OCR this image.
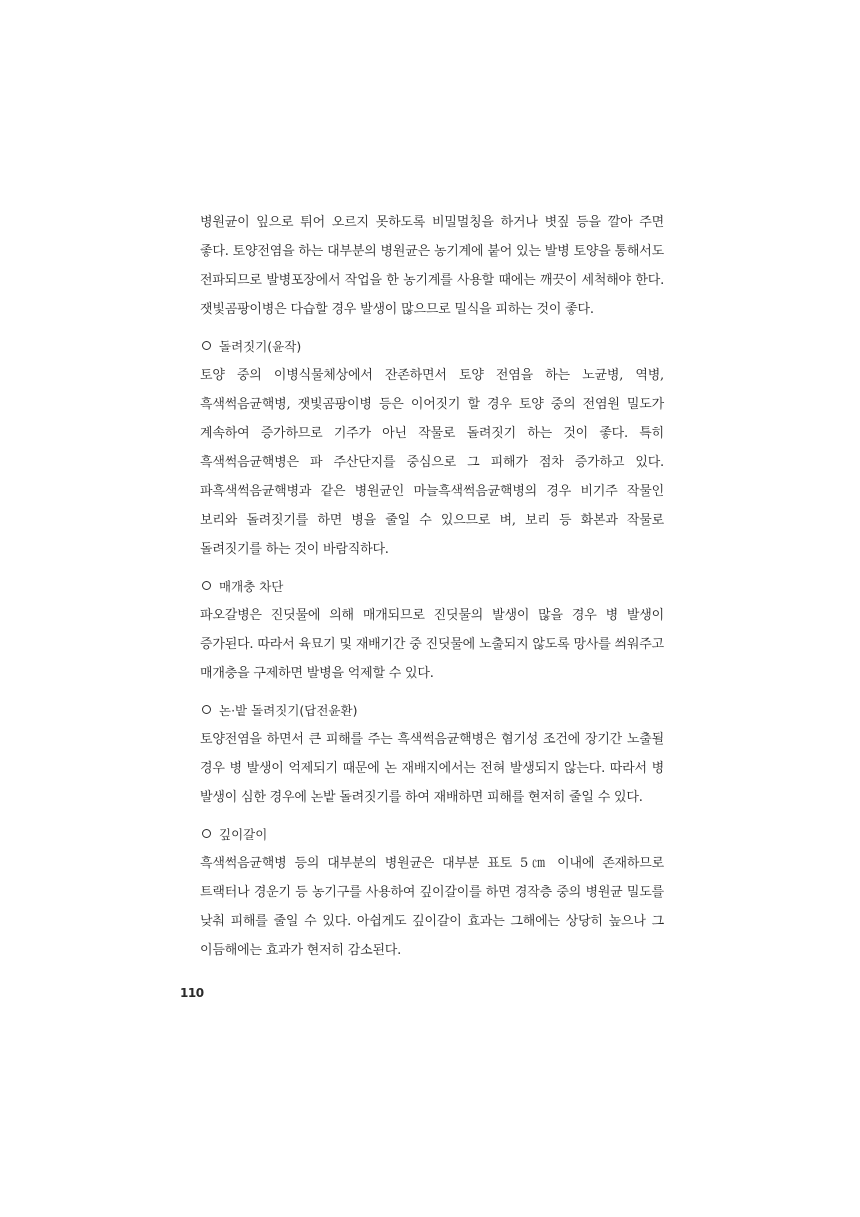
병원균이 잎으로 튀어 오르지 못하도록 비밀멀칭을 하거나 볏짚 등을 깔아 주면 좋다. 토양전염을 하는 대부분의 병원균은 농기계에 붙어 있는 발병 토양을 통해서도 전파되므로 발병포장에서 작업을 한 농기계를 사용할 때에는 깨끗이 세척해야 한다. 잿빛곰팡이병은 다습할 경우 발생이 많으므로 밀식을 피하는 것이 좋다.

돌려짓기(윤작)

토양 중의 이병식물체상에서 잔존하면서 토양 전염을 하는 노균병, 역병, 흑색썩음균핵병, 잿빛곰팡이병 등은 이어짓기 할 경우 토양 중의 전염원 밀도가 계속하여 증가하므로 기주가 아닌 작물로 돌려짓기 하는 것이 좋다. 특히 흑색썩음균핵병은 파 주산단지를 중심으로 그 피해가 점차 증가하고 있다. 파흑색썩음균핵병과 같은 병원균인 마늘흑색썩음균핵병의 경우 비기주 작물인 보리와 돌려짓기를 하면 병을 줄일 수 있으므로 벼, 보리 등 화본과 작물로 돌려짓기를 하는 것이 바람직하다.

매개충 차단

파오갈병은 진딧물에 의해 매개되므로 진딧물의 발생이 많을 경우 병 발생이 증가된다. 따라서 육묘기 및 재배기간 중 진딧물에 노출되지 않도록 망사를 씌워주고 매개충을 구제하면 발병을 억제할 수 있다.

논·밭 돌려짓기(답전윤환)

토양전염을 하면서 큰 피해를 주는 흑색썩음균핵병은 혐기성 조건에 장기간 노출될 경우 병 발생이 억제되기 때문에 논 재배지에서는 전혀 발생되지 않는다. 따라서 병 발생이 심한 경우에 논밭 돌려짓기를 하여 재배하면 피해를 현저히 줄일 수 있다.

깊이갈이

흑색썩음균핵병 등의 대부분의 병원균은 대부분 표토 5㎝ 이내에 존재하므로 트랙터나 경운기 등 농기구를 사용하여 깊이갈이를 하면 경작층 중의 병원균 밀도를 낮춰 피해를 줄일 수 있다. 아쉽게도 깊이갈이 효과는 그해에는 상당히 높으나 그 이듬해에는 효과가 현저히 감소된다.

110
